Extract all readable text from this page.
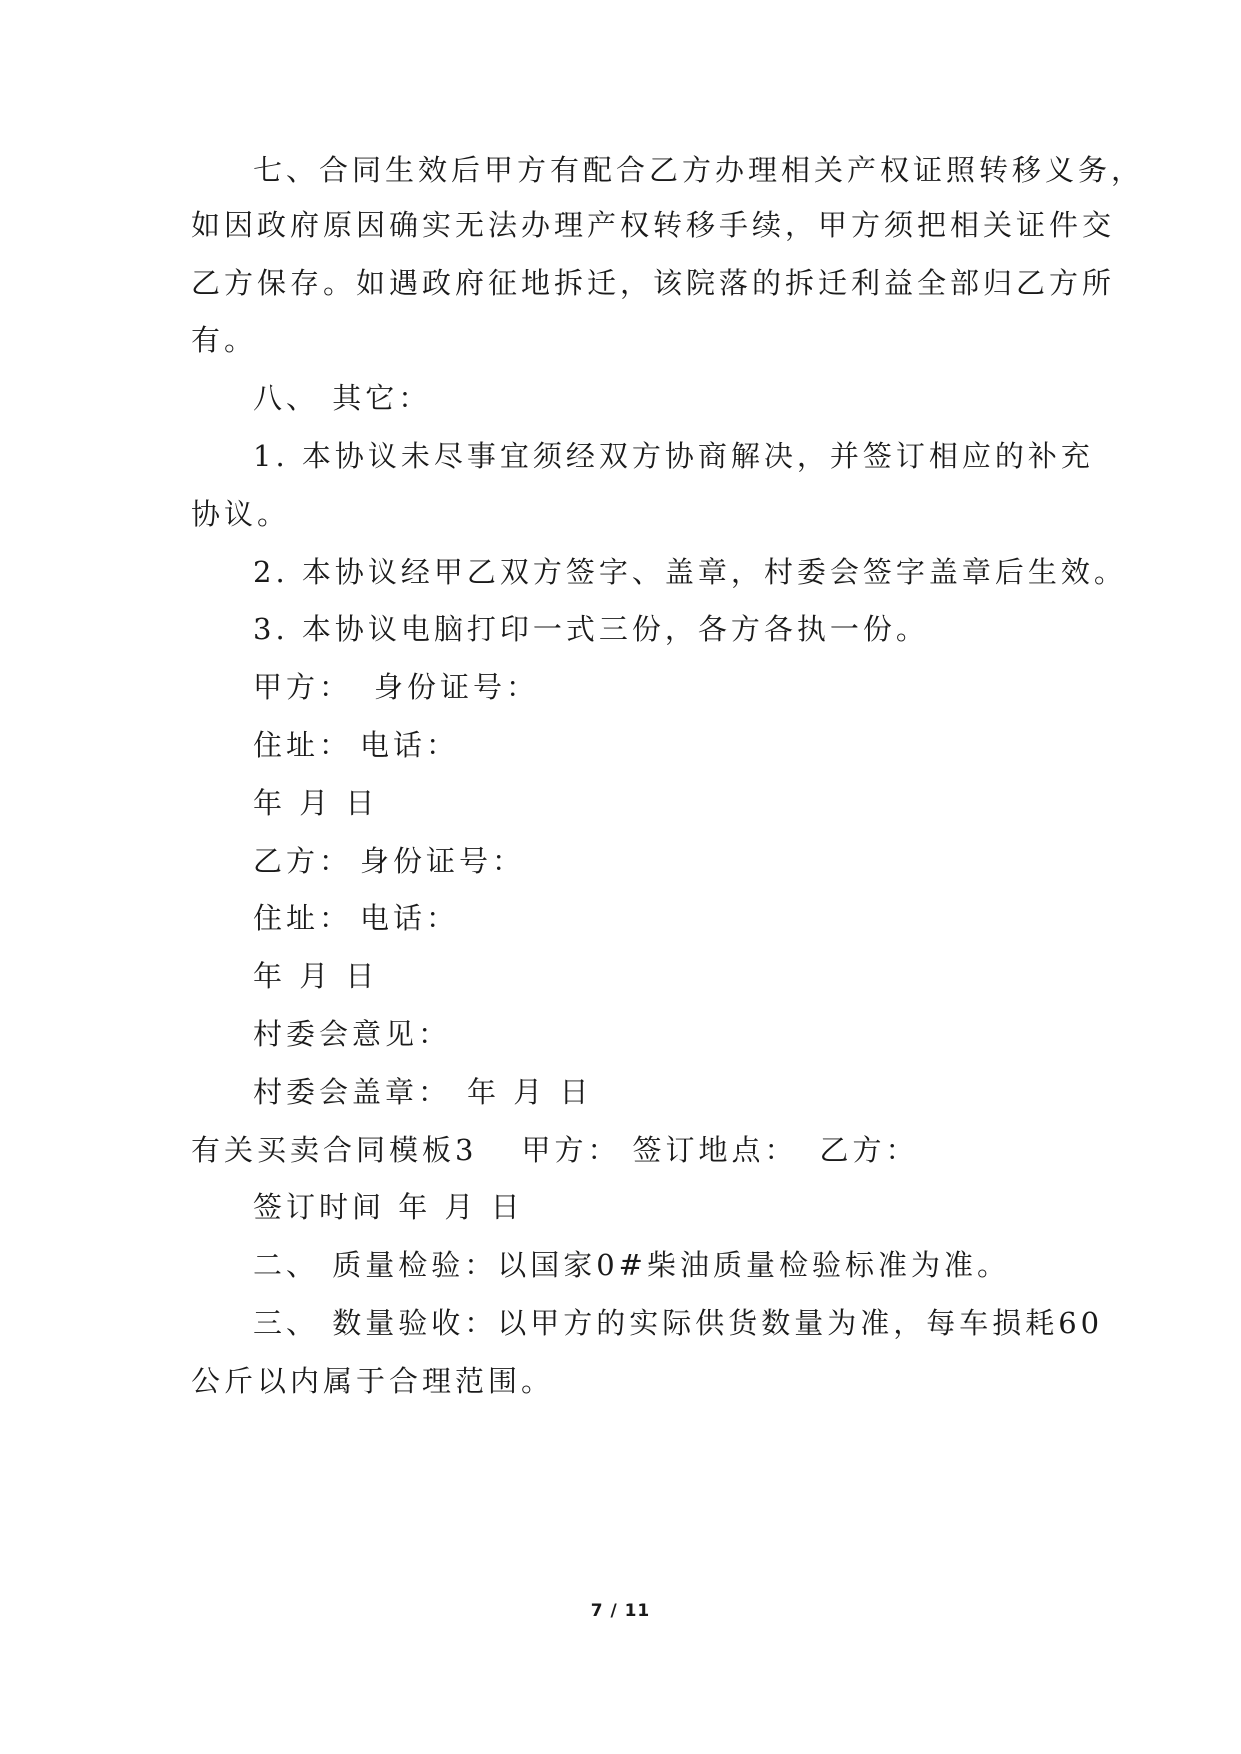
七、合同生效后甲方有配合乙方办理相关产权证照转移义务，

如因政府原因确实无法办理产权转移手续，甲方须把相关证件交

乙方保存。如遇政府征地拆迁，该院落的拆迁利益全部归乙方所

有。

八、 其它：

1. 本协议未尽事宜须经双方协商解决，并签订相应的补充

协议。

2. 本协议经甲乙双方签字、盖章，村委会签字盖章后生效。

3. 本协议电脑打印一式三份，各方各执一份。

甲方： 身份证号：

住址： 电话：

年 月 日

乙方： 身份证号：

住址： 电话：

年 月 日

村委会意见：

村委会盖章： 年 月 日

有关买卖合同模板3 甲方： 签订地点： 乙方：

签订时间 年 月 日

二、 质量检验：以国家0#柴油质量检验标准为准。

三、 数量验收：以甲方的实际供货数量为准，每车损耗60

公斤以内属于合理范围。

7 / 11
